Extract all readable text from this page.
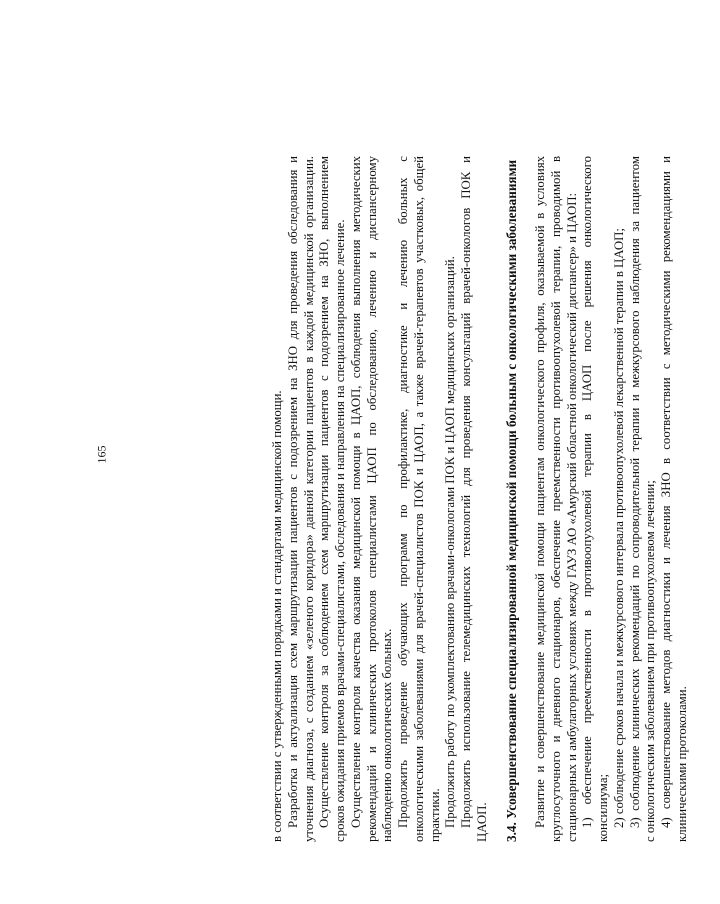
165	в соответствии с утвержденными порядками и стандартами медицинской помощи. Разработка и актуализация схем маршрутизации пациентов с подозрением на ЗНО для проведения обследования и уточнения диагноза, с созданием «зеленого коридора» данной категории пациентов в каждой медицинской организации. Осуществление контроля за соблюдением схем маршрутизации пациентов с подозрением на ЗНО, выполнением сроков ожидания приемов врачами-специалистами, обследования и направления на специализированное лечение. Осуществление контроля качества оказания медицинской помощи в ЦАОП, соблюдения выполнения методических рекомендаций и клинических протоколов специалистами ЦАОП по обследованию, лечению и диспансерному наблюдению онкологических больных. Продолжить проведение обучающих программ по профилактике, диагностике и лечению больных с онкологическими заболеваниями для врачей-специалистов ПОК и ЦАОП, а также врачей-терапевтов участковых, общей практики. Продолжить работу по укомплектованию врачами-онкологами ПОК и ЦАОП медицинских организаций. Продолжить использование телемедицинских технологий для проведения консультаций врачей-онкологов ПОК и ЦАОП. 3.4. Усовершенствование специализированной медицинской помощи больным с онкологическими заболеваниями Развитие и совершенствование медицинской помощи пациентам онкологического профиля, оказываемой в условиях круглосуточного и дневного стационаров, обеспечение преемственности противоопухолевой терапии, проводимой в стационарных и амбулаторных условиях между ГАУЗ АО «Амурский областной онкологический диспансер» и ЦАОП: 1) обеспечение преемственности в противоопухолевой терапии в ЦАОП после решения онкологического консилиума; 2) соблюдение сроков начала и межкурсового интервала противоопухолевой лекарственной терапии в ЦАОП; 3) соблюдение клинических рекомендаций по сопроводительной терапии и межкурсового наблюдения за пациентом с онкологическим заболеванием при противоопухолевом лечении; 4) совершенствование методов диагностики и лечения ЗНО в соответствии с методическими рекомендациями и клиническими протоколами.
